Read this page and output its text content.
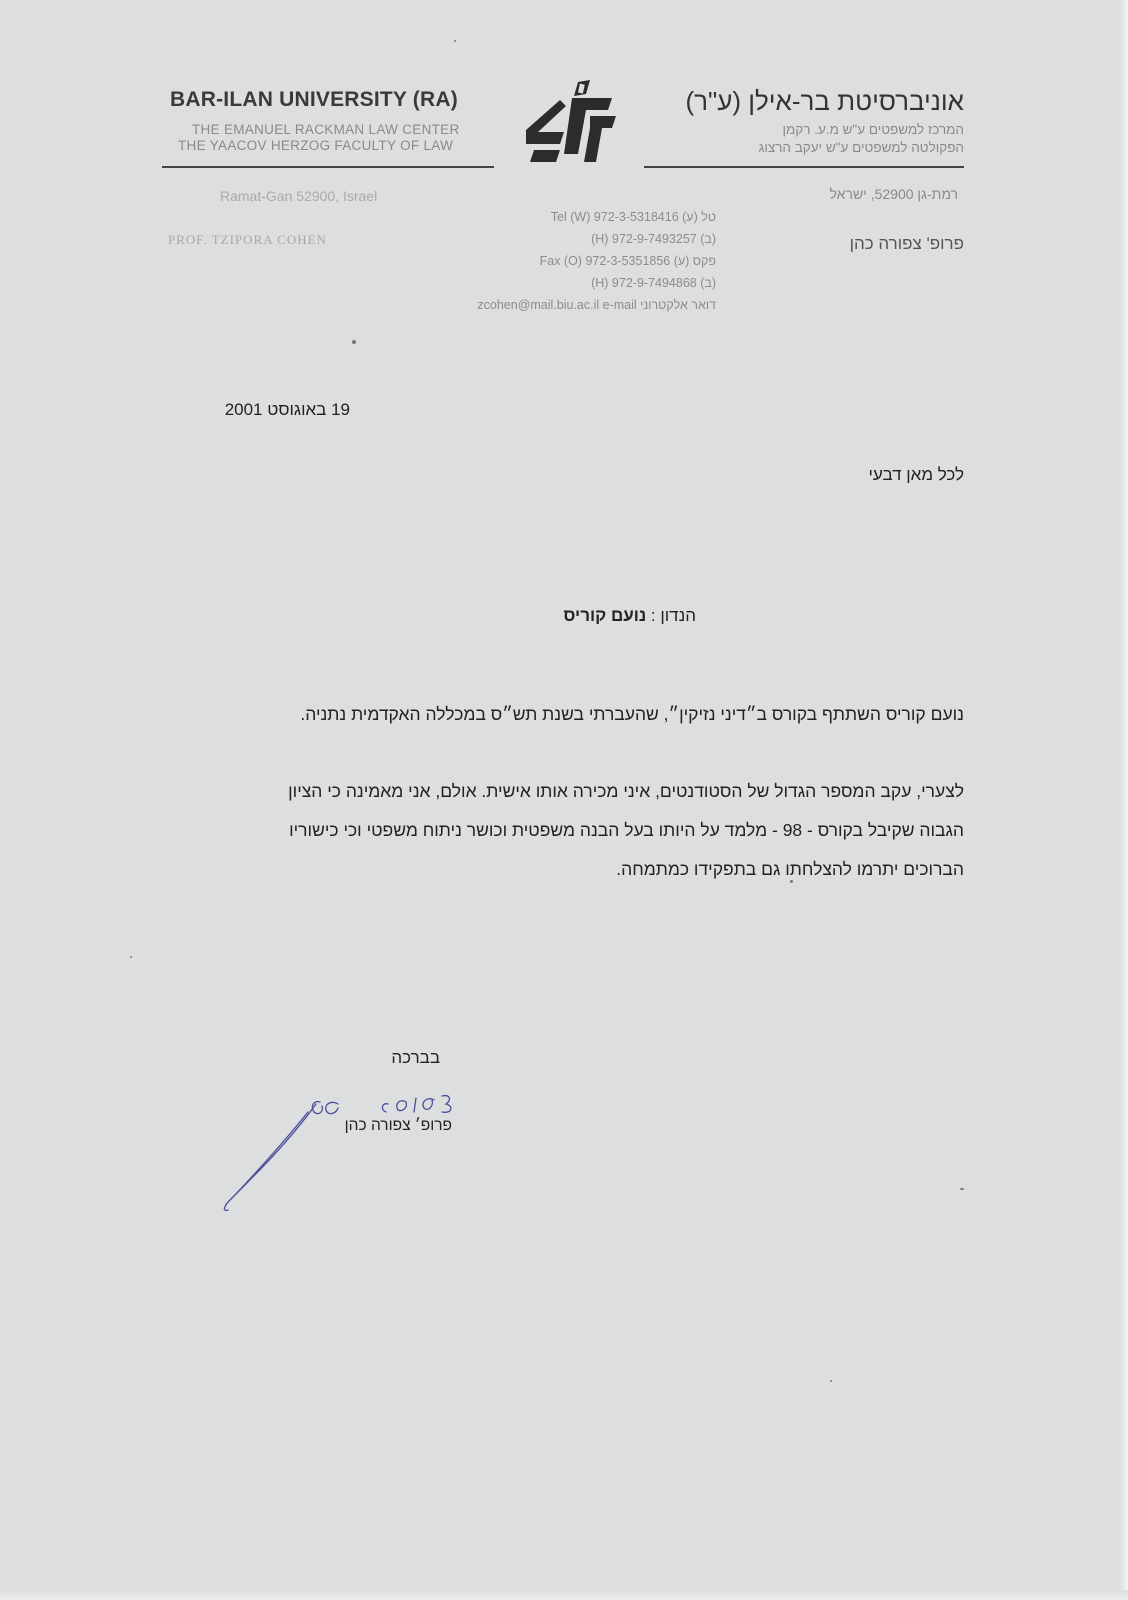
BAR-ILAN UNIVERSITY (RA)
THE EMANUEL RACKMAN LAW CENTER
THE YAACOV HERZOG FACULTY OF LAW
אוניברסיטת בר-אילן (ע"ר)
המרכז למשפטים ע"ש מ.ע. רקמן
הפקולטה למשפטים ע"ש יעקב הרצוג
Ramat-Gan 52900, Israel	רמת-גן 52900, ישראל
PROF. TZIPORA COHEN	פרופ' צפורה כהן
טל (ע) 972-3-5318416 Tel (W)
(ב) 972-9-7493257 (H)
פקס (ע) 972-3-5351856 Fax (O)
(ב) 972-9-7494868 (H)
דואר אלקטרוני zcohen@mail.biu.ac.il e-mail
19 באוגוסט 2001
לכל מאן דבעי
הנדון : נועם קוריס
נועם קוריס השתתף בקורס ב״דיני נזיקין״, שהעברתי בשנת תש״ס במכללה האקדמית נתניה.
לצערי, עקב המספר הגדול של הסטודנטים, איני מכירה אותו אישית. אולם, אני מאמינה כי הציון
הגבוה שקיבל בקורס - 98 - מלמד על היותו בעל הבנה משפטית וכושר ניתוח משפטי וכי כישוריו
הברוכים יתרמו להצלחתו גם בתפקידו כמתמחה.
בברכה
פרופ׳ צפורה כהן
